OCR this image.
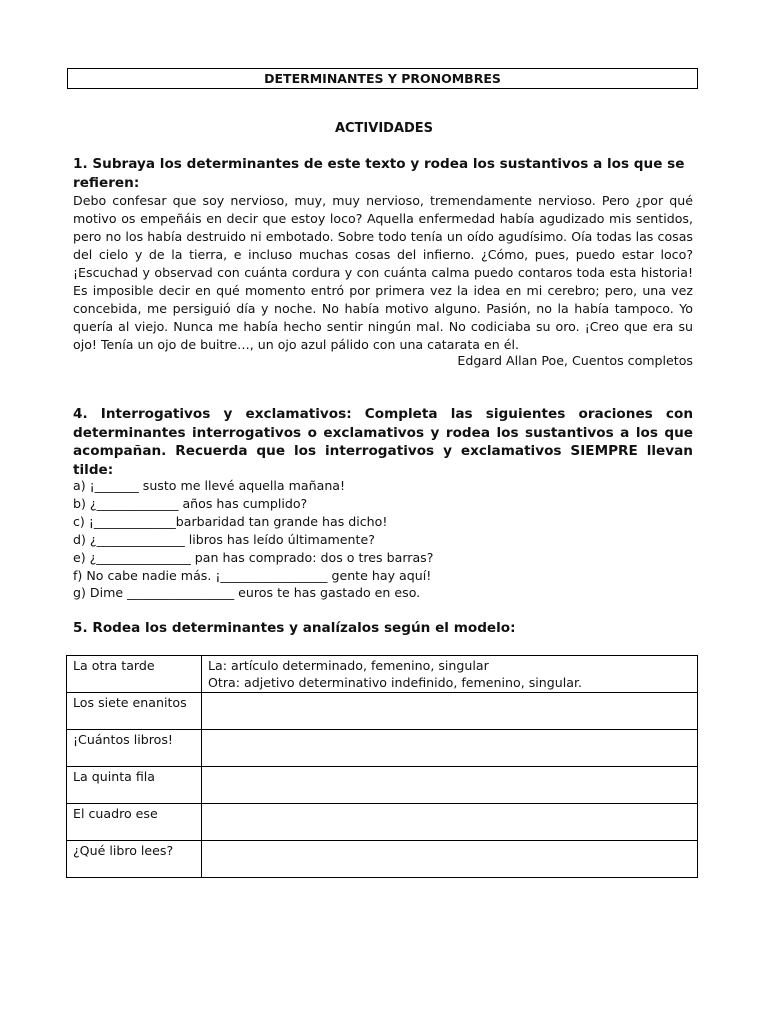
DETERMINANTES Y PRONOMBRES
ACTIVIDADES
1. Subraya los determinantes de este texto y rodea los sustantivos a los que se refieren:

Debo confesar que soy nervioso, muy, muy nervioso, tremendamente nervioso. Pero ¿por qué motivo os empeñáis en decir que estoy loco? Aquella enfermedad había agudizado mis sentidos, pero no los había destruido ni embotado. Sobre todo tenía un oído agudísimo. Oía todas las cosas del cielo y de la tierra, e incluso muchas cosas del infierno. ¿Cómo, pues, puedo estar loco? ¡Escuchad y observad con cuánta cordura y con cuánta calma puedo contaros toda esta historia! Es imposible decir en qué momento entró por primera vez la idea en mi cerebro; pero, una vez concebida, me persiguió día y noche. No había motivo alguno. Pasión, no la había tampoco. Yo quería al viejo. Nunca me había hecho sentir ningún mal. No codiciaba su oro. ¡Creo que era su ojo! Tenía un ojo de buitre…, un ojo azul pálido con una catarata en él.

Edgard Allan Poe, Cuentos completos
4. Interrogativos y exclamativos: Completa las siguientes oraciones con determinantes interrogativos o exclamativos y rodea los sustantivos a los que acompañan. Recuerda que los interrogativos y exclamativos SIEMPRE llevan tilde:
a) ¡_______ susto me llevé aquella mañana!
b) ¿_____________ años has cumplido?
c) ¡_____________barbaridad tan grande has dicho!
d) ¿______________ libros has leído últimamente?
e) ¿_______________ pan has comprado: dos o tres barras?
f) No cabe nadie más. ¡_________________ gente hay aquí!
g) Dime _________________ euros te has gastado en eso.
5. Rodea los determinantes y analízalos según el modelo:
La otra tarde	La: artículo determinado, femenino, singular
Otra: adjetivo determinativo indefinido, femenino, singular.

Los siete enanitos	
¡Cuántos libros!	
La quinta fila	
El cuadro ese	
¿Qué libro lees?	
